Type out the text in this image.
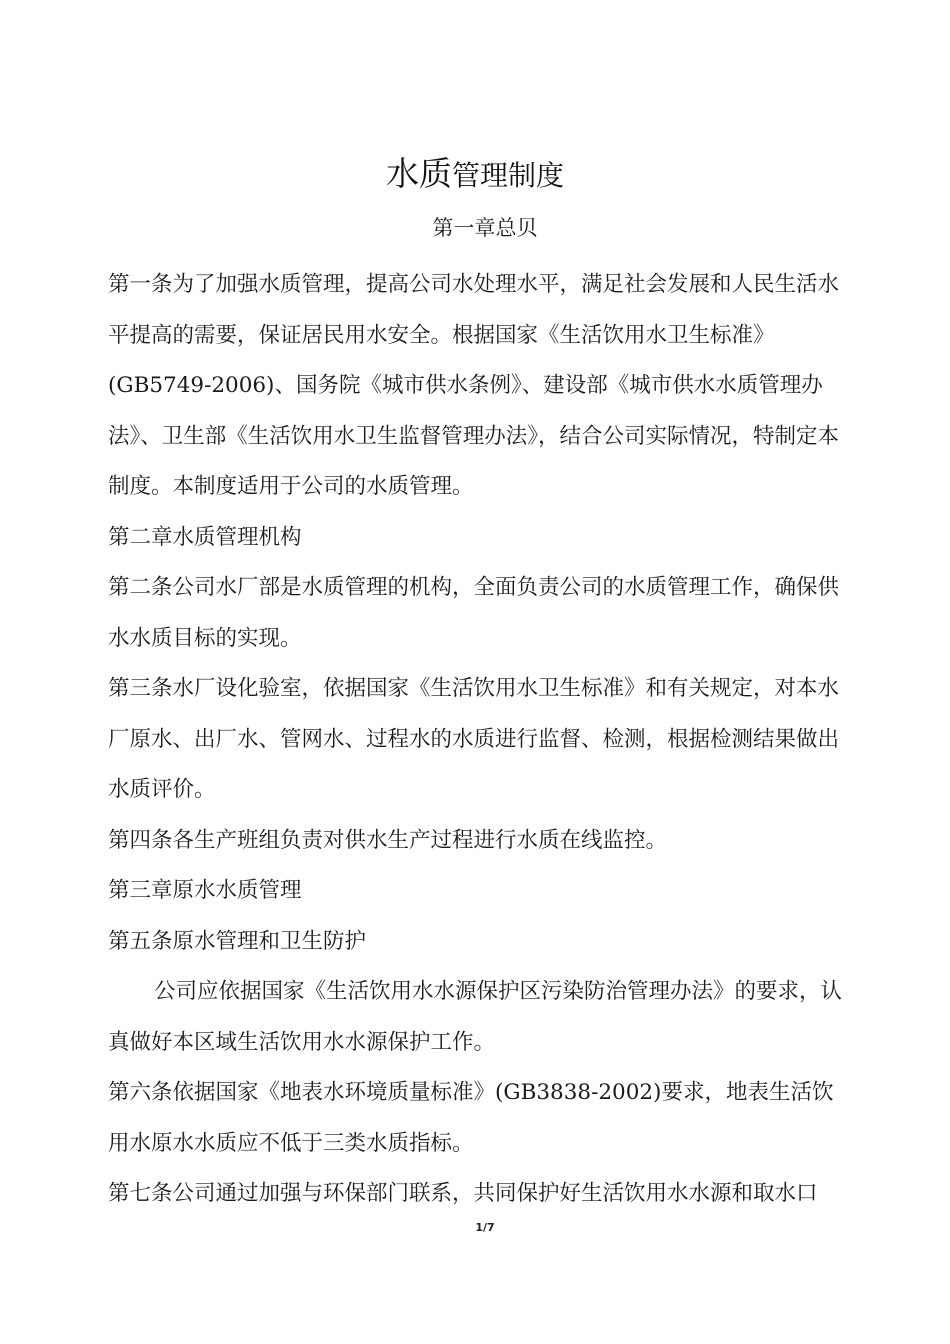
水质管理制度
第一章总贝

第一条为了加强水质管理，提高公司水处理水平，满足社会发展和人民生活水平提高的需要，保证居民用水安全。根据国家《生活饮用水卫生标准》(GB5749-2006)、国务院《城市供水条例》、建设部《城市供水水质管理办法》、卫生部《生活饮用水卫生监督管理办法》，结合公司实际情况，特制定本制度。本制度适用于公司的水质管理。

第二章水质管理机构

第二条公司水厂部是水质管理的机构，全面负责公司的水质管理工作，确保供水水质目标的实现。

第三条水厂设化验室，依据国家《生活饮用水卫生标准》和有关规定，对本水厂原水、出厂水、管网水、过程水的水质进行监督、检测，根据检测结果做出水质评价。

第四条各生产班组负责对供水生产过程进行水质在线监控。

第三章原水水质管理

第五条原水管理和卫生防护

公司应依据国家《生活饮用水水源保护区污染防治管理办法》的要求，认真做好本区域生活饮用水水源保护工作。

第六条依据国家《地表水环境质量标准》(GB3838-2002)要求，地表生活饮用水原水水质应不低于三类水质指标。

第七条公司通过加强与环保部门联系，共同保护好生活饮用水水源和取水口

1/7
